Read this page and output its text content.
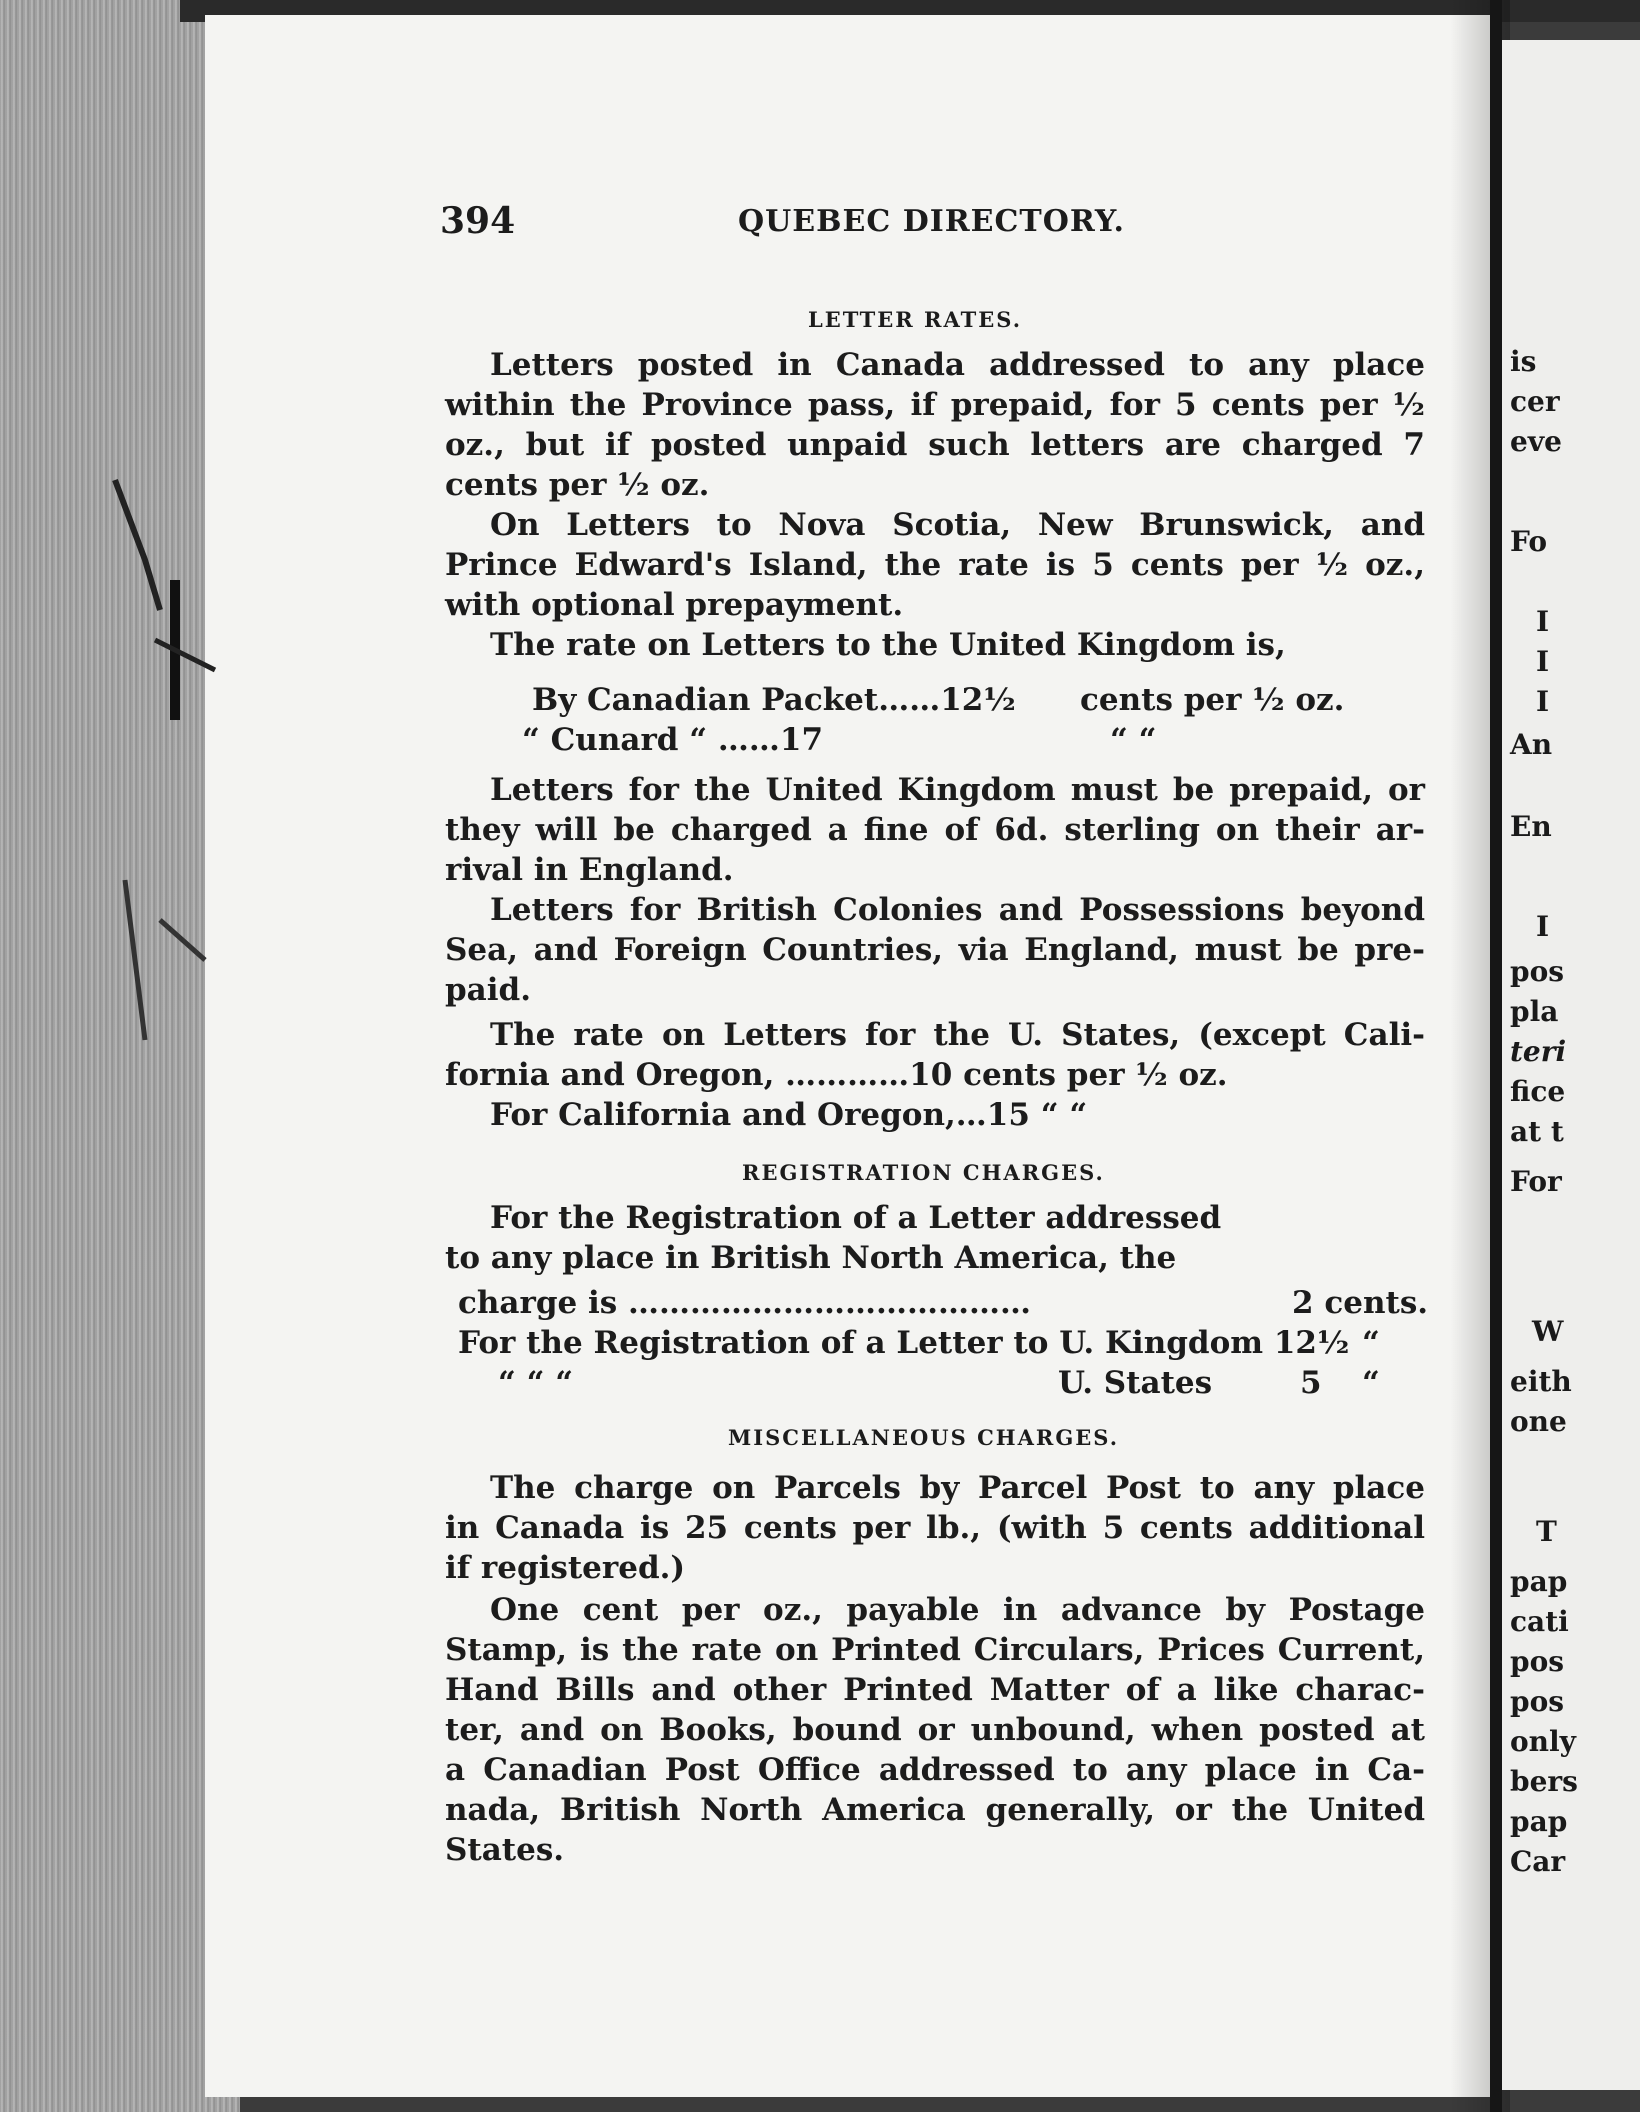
394	QUEBEC DIRECTORY.
LETTER RATES.
Letters posted in Canada addressed to any place
within the Province pass, if prepaid, for 5 cents per ½
oz., but if posted unpaid such letters are charged 7
cents per ½ oz.
On Letters to Nova Scotia, New Brunswick, and
Prince Edward's Island, the rate is 5 cents per ½ oz.,
with optional prepayment.
The rate on Letters to the United Kingdom is,
By Canadian Packet……12½ cents per ½ oz.
“ Cunard “ ……17	“ “
Letters for the United Kingdom must be prepaid, or
they will be charged a fine of 6d. sterling on their ar-
rival in England.
Letters for British Colonies and Possessions beyond
Sea, and Foreign Countries, via England, must be pre-
paid.
The rate on Letters for the U. States, (except Cali-
fornia and Oregon, …………10 cents per ½ oz.
For California and Oregon,…15 “ “
REGISTRATION CHARGES.
For the Registration of a Letter addressed
to any place in British North America, the
charge is …………………………………	2 cents.
For the Registration of a Letter to U. Kingdom 12½ “
“ “ “	U. States	5 “
MISCELLANEOUS CHARGES.
The charge on Parcels by Parcel Post to any place
in Canada is 25 cents per lb., (with 5 cents additional
if registered.)
One cent per oz., payable in advance by Postage
Stamp, is the rate on Printed Circulars, Prices Current,
Hand Bills and other Printed Matter of a like charac-
ter, and on Books, bound or unbound, when posted at
a Canadian Post Office addressed to any place in Ca-
nada, British North America generally, or the United
States.
is
cer
eve
Fo
I
I
I
An
En
I
pos
pla
teri
fice
at t
For
W
eith
one
T
pap
cati
pos
pos
only
bers
pap
Car
